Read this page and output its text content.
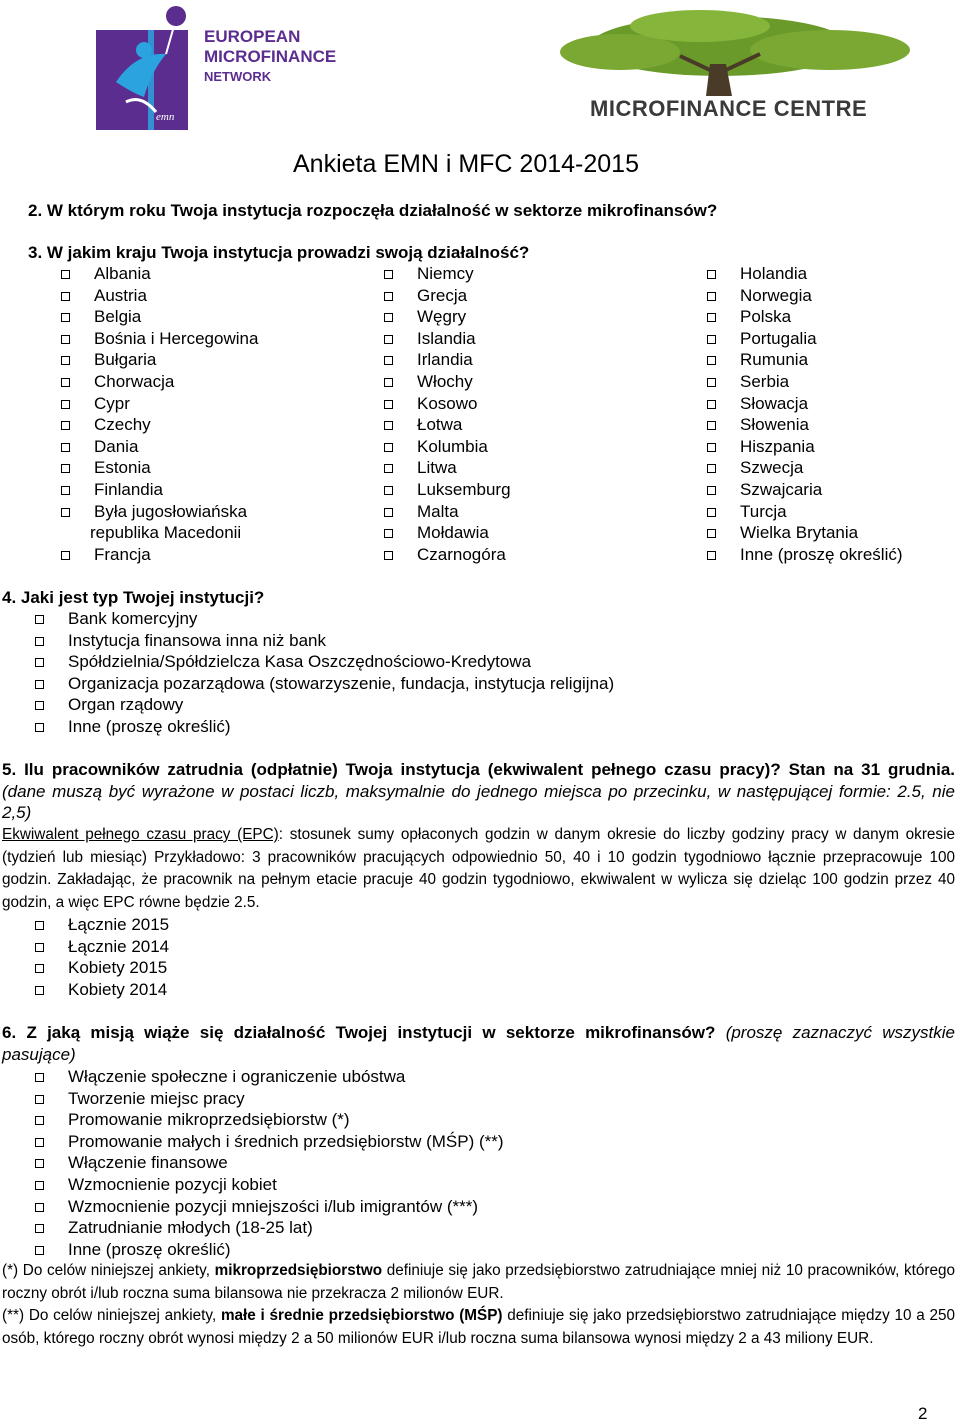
emn
EUROPEAN
MICROFINANCE
NETWORK
MICROFINANCE CENTRE
Ankieta EMN i MFC 2014-2015
2. W którym roku Twoja instytucja rozpoczęła działalność w sektorze mikrofinansów?
3. W jakim kraju Twoja instytucja prowadzi swoją działalność?
Albania
Austria
Belgia
Bośnia i Hercegowina
Bułgaria
Chorwacja
Cypr
Czechy
Dania
Estonia
Finlandia
Była jugosłowiańska
republika Macedonii
Francja
Niemcy
Grecja
Węgry
Islandia
Irlandia
Włochy
Kosowo
Łotwa
Kolumbia
Litwa
Luksemburg
Malta
Mołdawia
Czarnogóra
Holandia
Norwegia
Polska
Portugalia
Rumunia
Serbia
Słowacja
Słowenia
Hiszpania
Szwecja
Szwajcaria
Turcja
Wielka Brytania
Inne (proszę określić)
4. Jaki jest typ Twojej instytucji?
Bank komercyjny
Instytucja finansowa inna niż bank
Spółdzielnia/Spółdzielcza Kasa Oszczędnościowo-Kredytowa
Organizacja pozarządowa (stowarzyszenie, fundacja, instytucja religijna)
Organ rządowy
Inne (proszę określić)
5. Ilu pracowników zatrudnia (odpłatnie) Twoja instytucja (ekwiwalent pełnego czasu pracy)? Stan na 31 grudnia. (dane muszą być wyrażone w postaci liczb, maksymalnie do jednego miejsca po przecinku, w następującej formie: 2.5, nie 2,5)
Ekwiwalent pełnego czasu pracy (EPC): stosunek sumy opłaconych godzin w danym okresie do liczby godziny pracy w danym okresie (tydzień lub miesiąc) Przykładowo: 3 pracowników pracujących odpowiednio 50, 40 i 10 godzin tygodniowo łącznie przepracowuje 100 godzin. Zakładając, że pracownik na pełnym etacie pracuje 40 godzin tygodniowo, ekwiwalent w wylicza się dzieląc 100 godzin przez 40 godzin, a więc EPC równe będzie 2.5.
Łącznie 2015
Łącznie 2014
Kobiety 2015
Kobiety 2014
6. Z jaką misją wiąże się działalność Twojej instytucji w sektorze mikrofinansów? (proszę zaznaczyć wszystkie pasujące)
Włączenie społeczne i ograniczenie ubóstwa
Tworzenie miejsc pracy
Promowanie mikroprzedsiębiorstw (*)
Promowanie małych i średnich przedsiębiorstw (MŚP) (**)
Włączenie finansowe
Wzmocnienie pozycji kobiet
Wzmocnienie pozycji mniejszości i/lub imigrantów (***)
Zatrudnianie młodych (18-25 lat)
Inne (proszę określić)
(*) Do celów niniejszej ankiety, mikroprzedsiębiorstwo definiuje się jako przedsiębiorstwo zatrudniające mniej niż 10 pracowników, którego roczny obrót i/lub roczna suma bilansowa nie przekracza 2 milionów EUR.
(**) Do celów niniejszej ankiety, małe i średnie przedsiębiorstwo (MŚP) definiuje się jako przedsiębiorstwo zatrudniające między 10 a 250 osób, którego roczny obrót wynosi między 2 a 50 milionów EUR i/lub roczna suma bilansowa wynosi między 2 a 43 miliony EUR.
2
